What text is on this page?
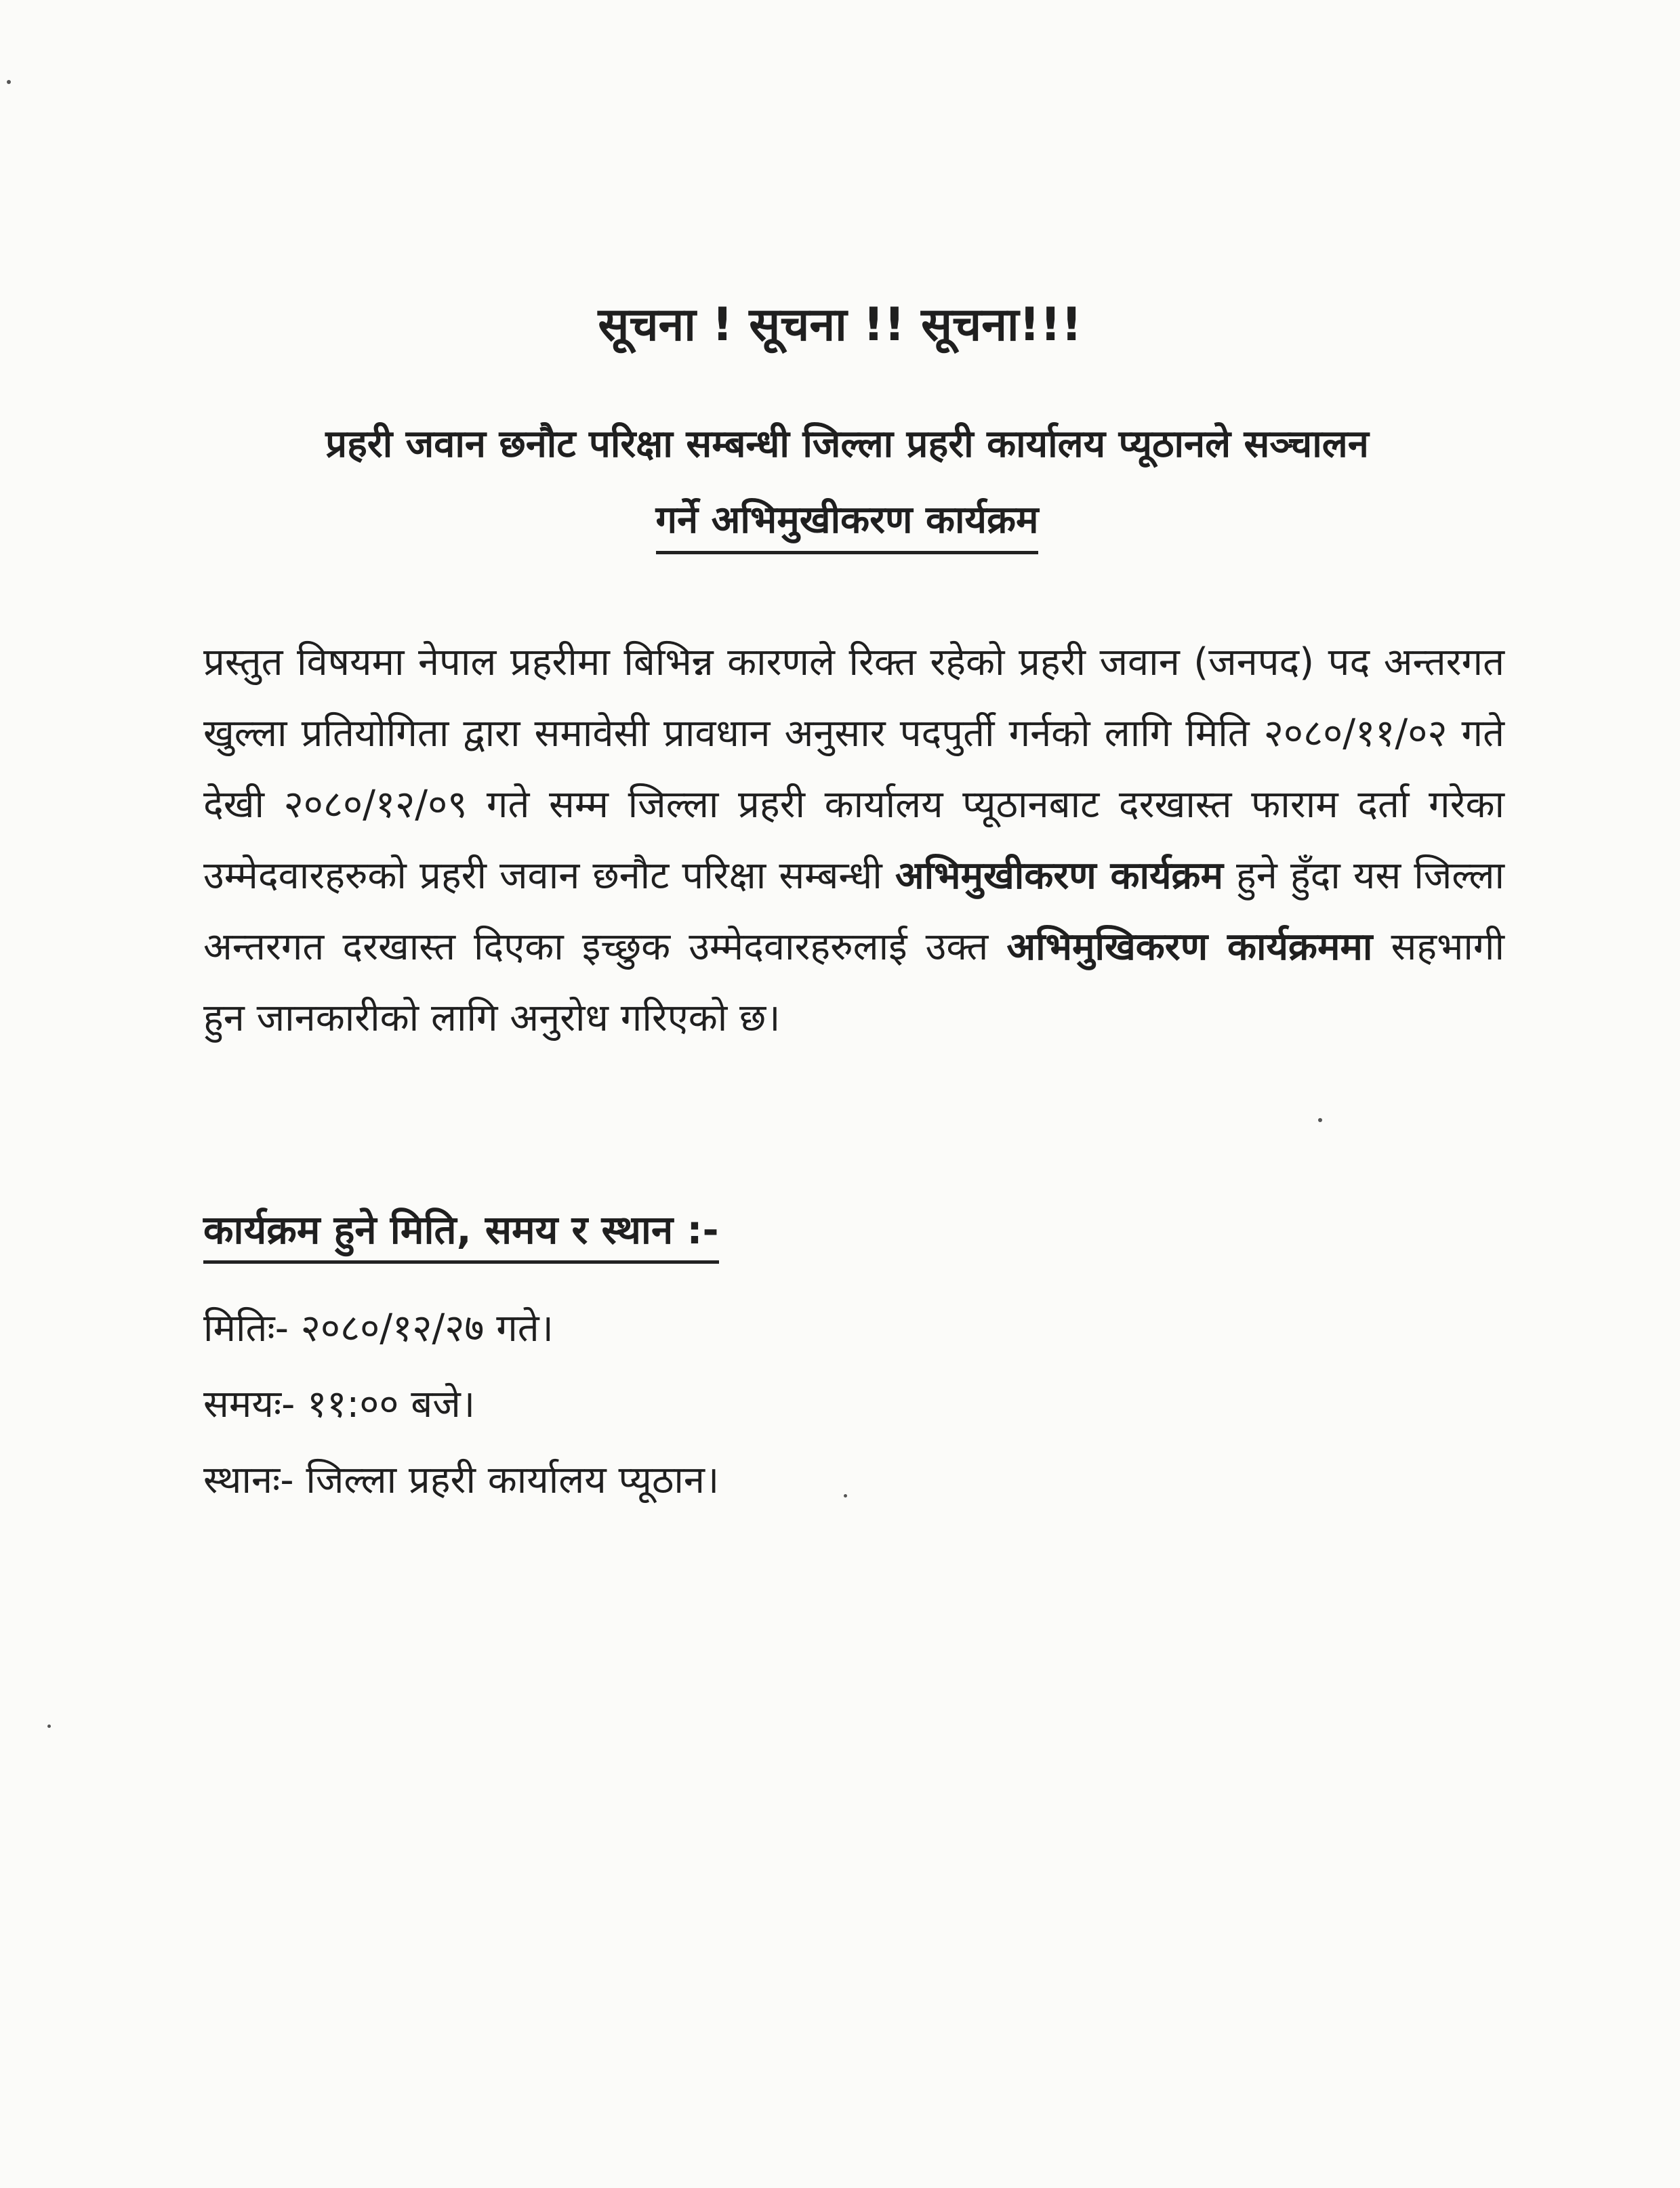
सूचना ! सूचना !! सूचना!!!
प्रहरी जवान छनौट परिक्षा सम्बन्धी जिल्ला प्रहरी कार्यालय प्यूठानले सञ्चालन
गर्ने अभिमुखीकरण कार्यक्रम

प्रस्तुत विषयमा नेपाल प्रहरीमा बिभिन्न कारणले रिक्त रहेको प्रहरी जवान (जनपद) पद अन्तरगत खुल्ला प्रतियोगिता द्वारा समावेसी प्रावधान अनुसार पदपुर्ती गर्नको लागि मिति २०८०/११/०२ गते देखी २०८०/१२/०९ गते सम्म जिल्ला प्रहरी कार्यालय प्यूठानबाट दरखास्त फाराम दर्ता गरेका उम्मेदवारहरुको प्रहरी जवान छनौट परिक्षा सम्बन्धी अभिमुखीकरण कार्यक्रम हुने हुँदा यस जिल्ला अन्तरगत दरखास्त दिएका इच्छुक उम्मेदवारहरुलाई उक्त अभिमुखिकरण कार्यक्रममा सहभागी हुन जानकारीको लागि अनुरोध गरिएको छ।

कार्यक्रम हुने मिति, समय र स्थान :-
मितिः- २०८०/१२/२७ गते।
समयः- ११:०० बजे।
स्थानः- जिल्ला प्रहरी कार्यालय प्यूठान।
